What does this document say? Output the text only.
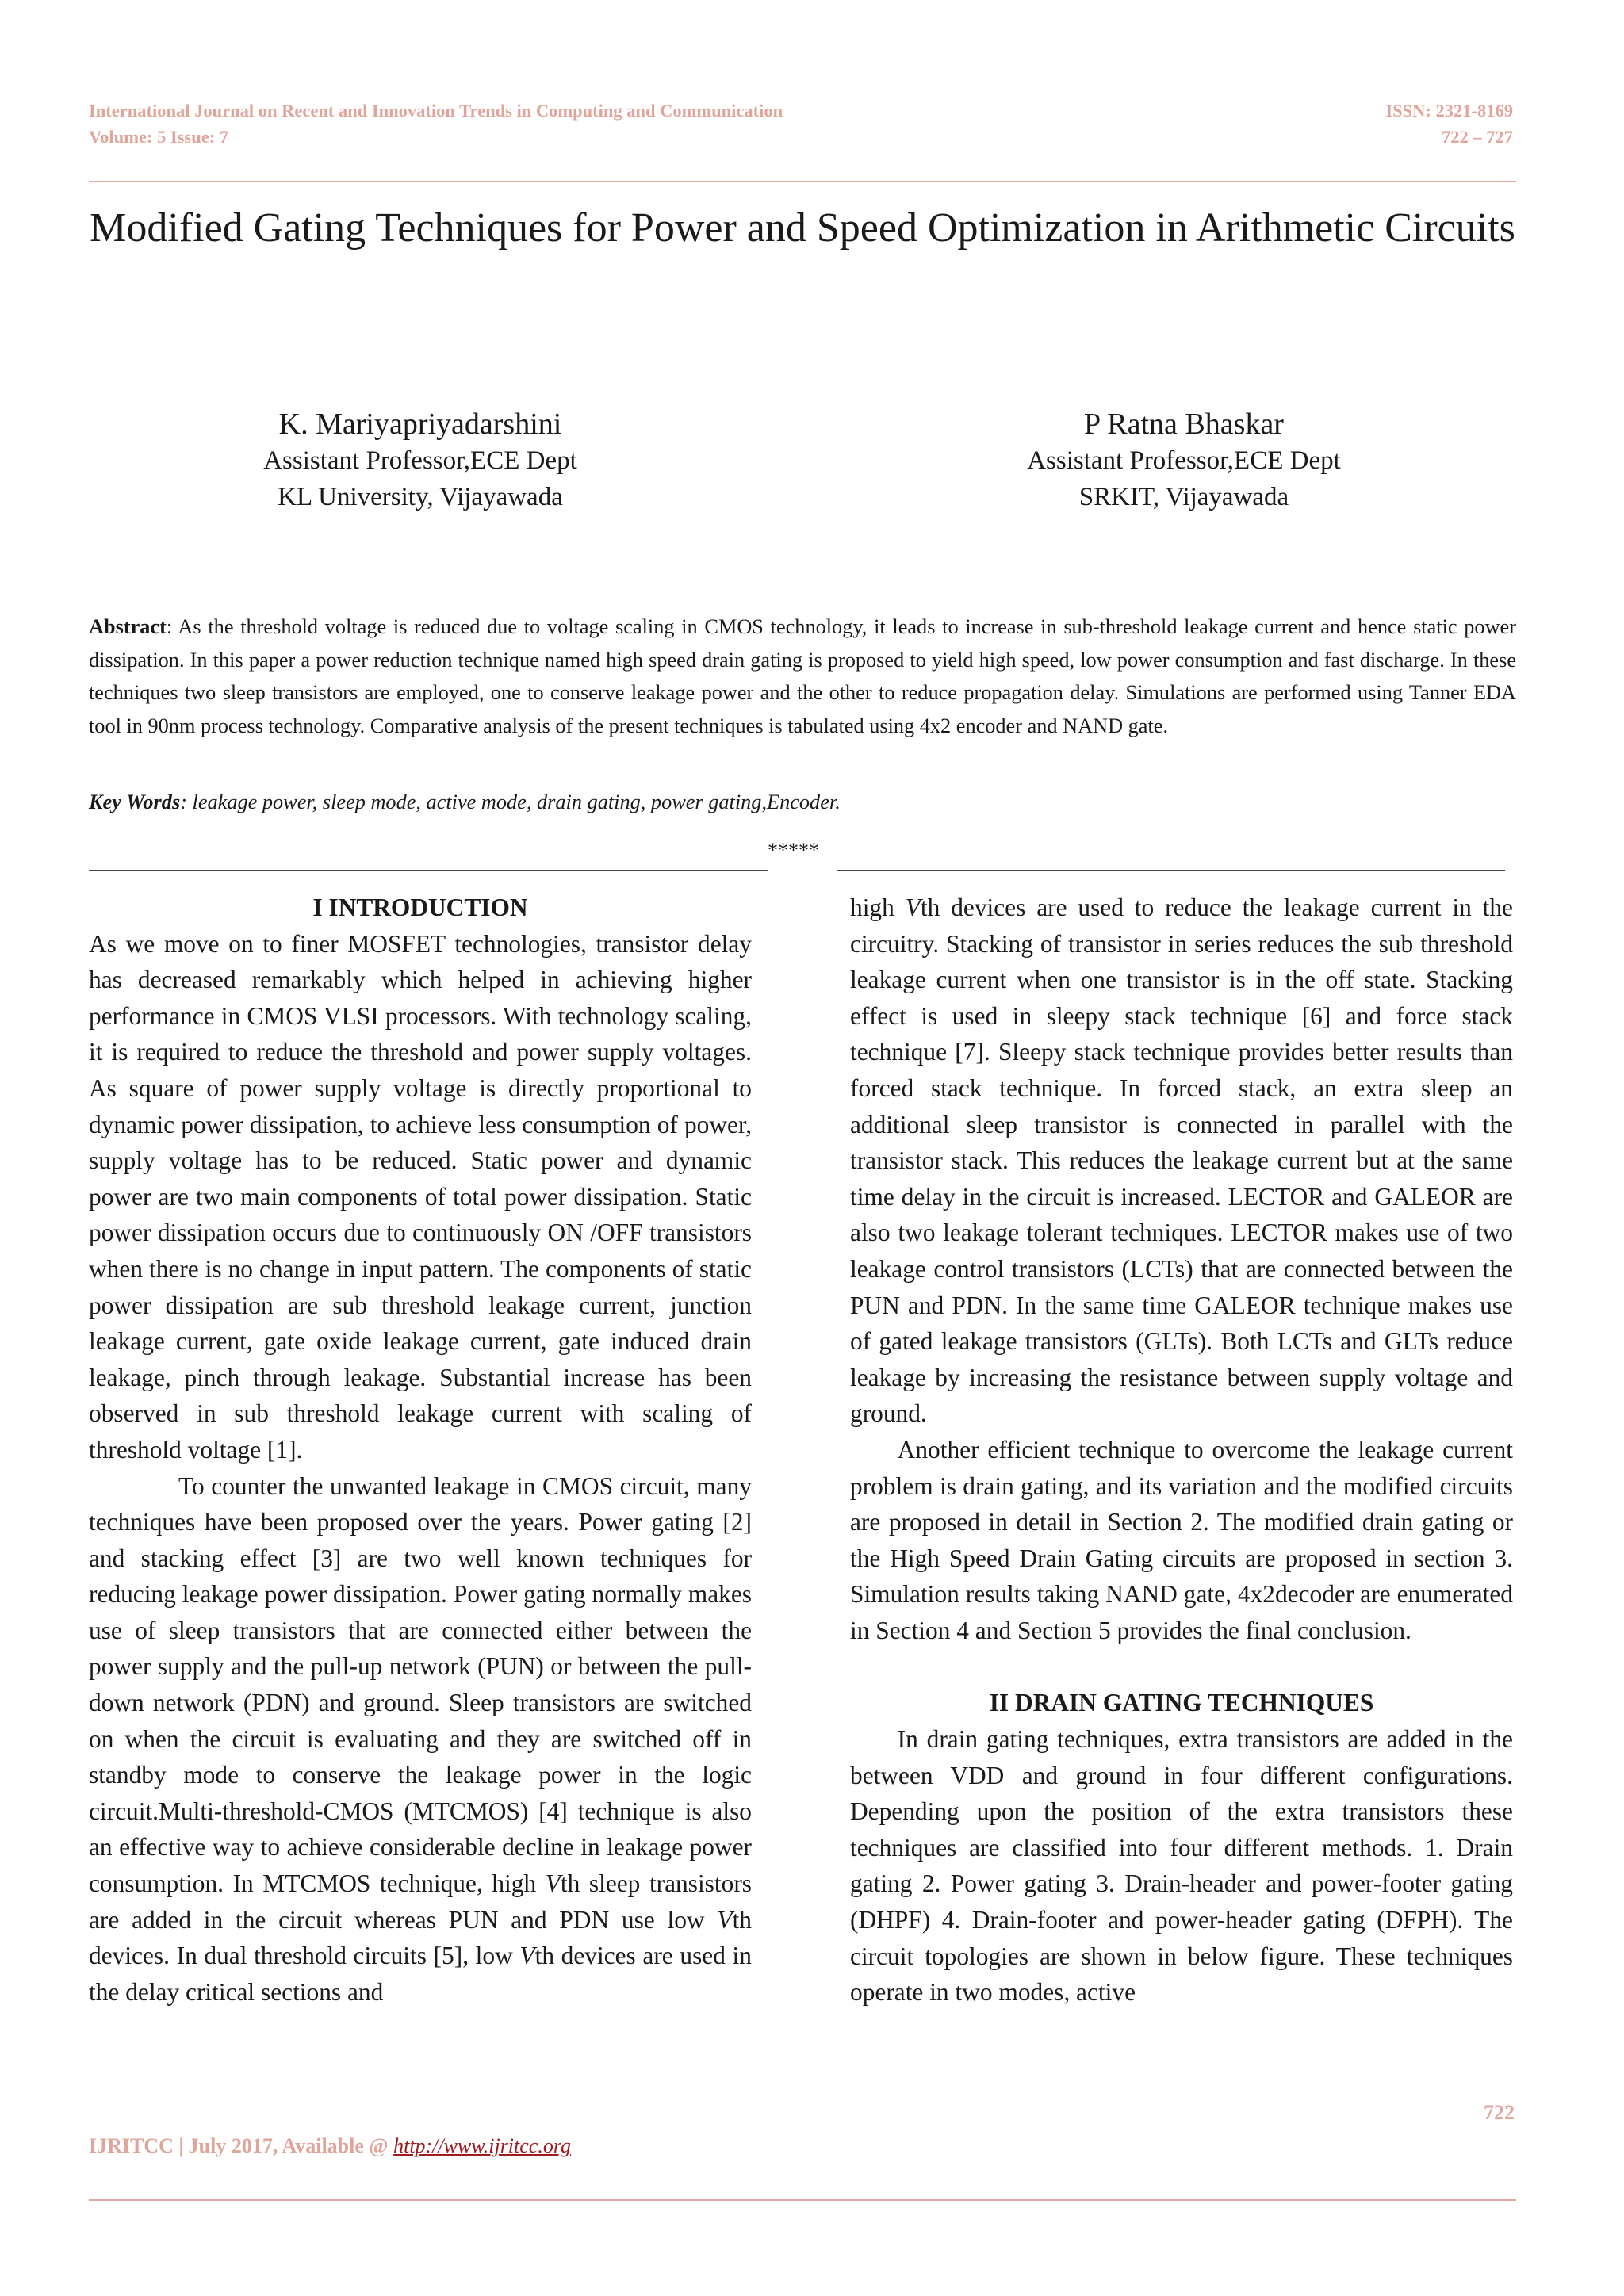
International Journal on Recent and Innovation Trends in Computing and Communication
Volume: 5 Issue: 7
ISSN: 2321-8169
722 – 727
Modified Gating Techniques for Power and Speed Optimization in Arithmetic Circuits
K. Mariyapriyadarshini
Assistant Professor,ECE Dept
KL University, Vijayawada
P Ratna Bhaskar
Assistant Professor,ECE Dept
SRKIT, Vijayawada
Abstract: As the threshold voltage is reduced due to voltage scaling in CMOS technology, it leads to increase in sub-threshold leakage current and hence static power dissipation. In this paper a power reduction technique named high speed drain gating is proposed to yield high speed, low power consumption and fast discharge. In these techniques two sleep transistors are employed, one to conserve leakage power and the other to reduce propagation delay. Simulations are performed using Tanner EDA tool in 90nm process technology. Comparative analysis of the present techniques is tabulated using 4x2 encoder and NAND gate.
Key Words: leakage power, sleep mode, active mode, drain gating, power gating,Encoder.
*****
I INTRODUCTION

As we move on to finer MOSFET technologies, transistor delay has decreased remarkably which helped in achieving higher performance in CMOS VLSI processors. With technology scaling, it is required to reduce the threshold and power supply voltages. As square of power supply voltage is directly proportional to dynamic power dissipation, to achieve less consumption of power, supply voltage has to be reduced. Static power and dynamic power are two main components of total power dissipation. Static power dissipation occurs due to continuously ON /OFF transistors when there is no change in input pattern. The components of static power dissipation are sub threshold leakage current, junction leakage current, gate oxide leakage current, gate induced drain leakage, pinch through leakage. Substantial increase has been observed in sub threshold leakage current with scaling of threshold voltage [1].

To counter the unwanted leakage in CMOS circuit, many techniques have been proposed over the years. Power gating [2] and stacking effect [3] are two well known techniques for reducing leakage power dissipation. Power gating normally makes use of sleep transistors that are connected either between the power supply and the pull-up network (PUN) or between the pull-down network (PDN) and ground. Sleep transistors are switched on when the circuit is evaluating and they are switched off in standby mode to conserve the leakage power in the logic circuit.Multi-threshold-CMOS (MTCMOS) [4] technique is also an effective way to achieve considerable decline in leakage power consumption. In MTCMOS technique, high Vth sleep transistors are added in the circuit whereas PUN and PDN use low Vth devices. In dual threshold circuits [5], low Vth devices are used in the delay critical sections and

high Vth devices are used to reduce the leakage current in the circuitry. Stacking of transistor in series reduces the sub threshold leakage current when one transistor is in the off state. Stacking effect is used in sleepy stack technique [6] and force stack technique [7]. Sleepy stack technique provides better results than forced stack technique. In forced stack, an extra sleep an additional sleep transistor is connected in parallel with the transistor stack. This reduces the leakage current but at the same time delay in the circuit is increased. LECTOR and GALEOR are also two leakage tolerant techniques. LECTOR makes use of two leakage control transistors (LCTs) that are connected between the PUN and PDN. In the same time GALEOR technique makes use of gated leakage transistors (GLTs). Both LCTs and GLTs reduce leakage by increasing the resistance between supply voltage and ground.

Another efficient technique to overcome the leakage current problem is drain gating, and its variation and the modified circuits are proposed in detail in Section 2. The modified drain gating or the High Speed Drain Gating circuits are proposed in section 3. Simulation results taking NAND gate, 4x2decoder are enumerated in Section 4 and Section 5 provides the final conclusion.

II DRAIN GATING TECHNIQUES

In drain gating techniques, extra transistors are added in the between VDD and ground in four different configurations. Depending upon the position of the extra transistors these techniques are classified into four different methods. 1. Drain gating 2. Power gating 3. Drain-header and power-footer gating (DHPF) 4. Drain-footer and power-header gating (DFPH). The circuit topologies are shown in below figure. These techniques operate in two modes, active

722
IJRITCC | July 2017, Available @ http://www.ijritcc.org
